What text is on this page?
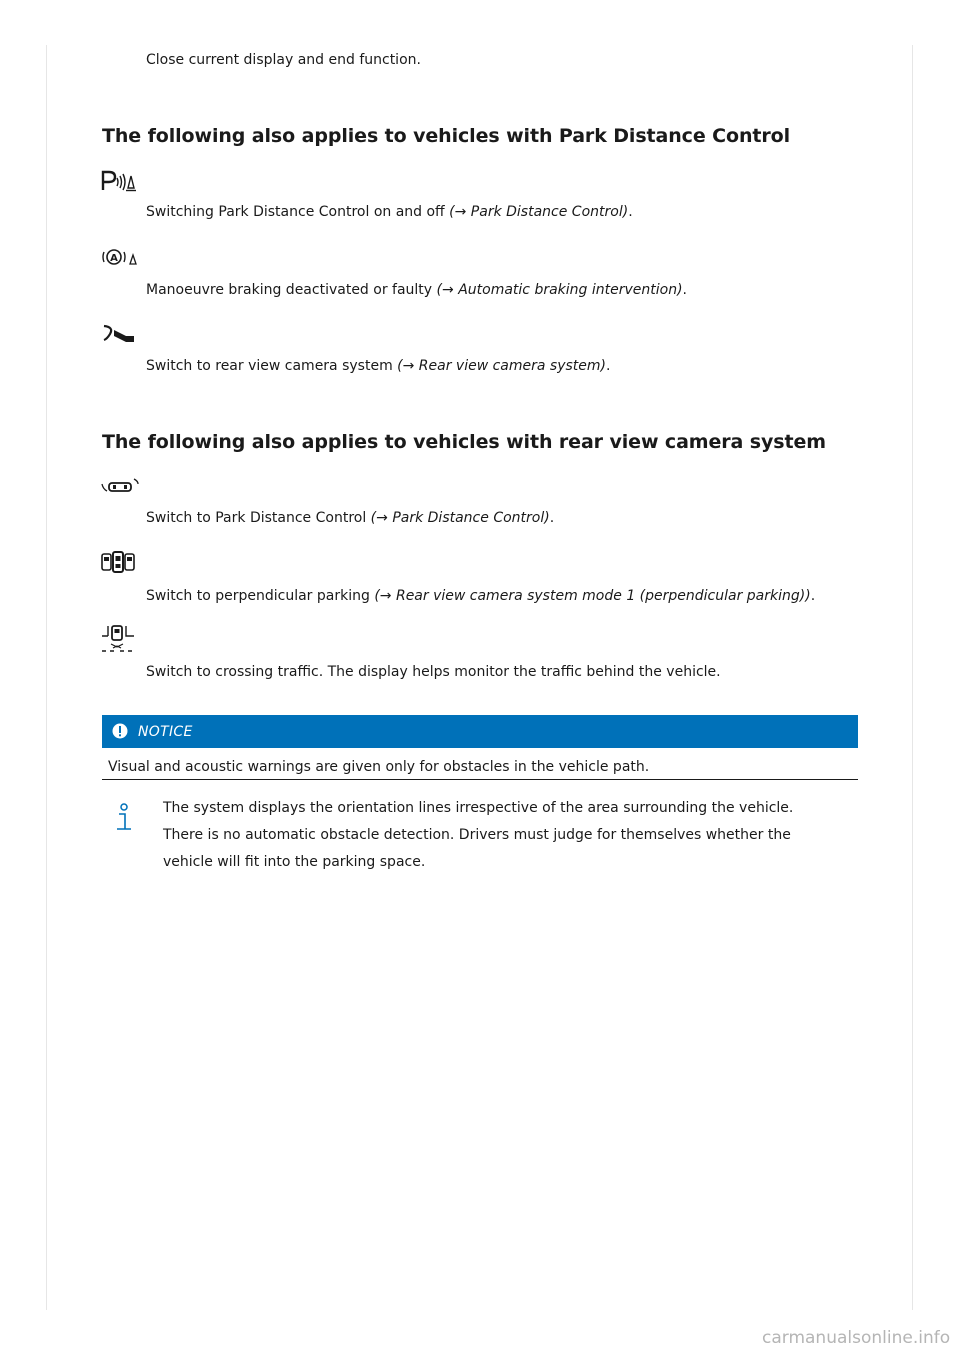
Close current display and end function.
The following also applies to vehicles with Park Distance Control
Switching Park Distance Control on and off (→ Park Distance Control).
A
Manoeuvre braking deactivated or faulty (→ Automatic braking intervention).
Switch to rear view camera system (→ Rear view camera system).
The following also applies to vehicles with rear view camera system
Switch to Park Distance Control (→ Park Distance Control).
Switch to perpendicular parking (→ Rear view camera system mode 1 (perpendicular parking)).
Switch to crossing traffic. The display helps monitor the traffic behind the vehicle.
NOTICE
Visual and acoustic warnings are given only for obstacles in the vehicle path.
The system displays the orientation lines irrespective of the area surrounding the vehicle.
There is no automatic obstacle detection. Drivers must judge for themselves whether the
vehicle will fit into the parking space.
carmanualsonline.info
